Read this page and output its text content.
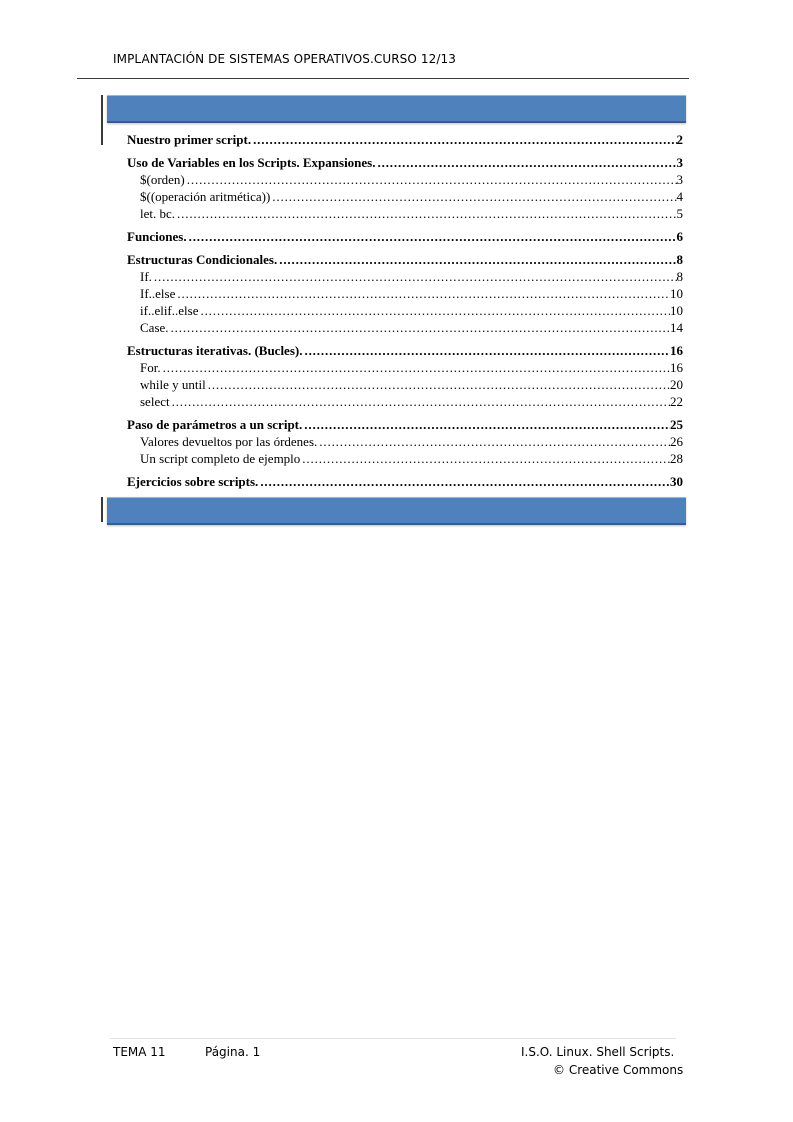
IMPLANTACIÓN DE SISTEMAS OPERATIVOS.CURSO 12/13
Nuestro primer script. . . .	2
Uso de Variables en los Scripts. Expansiones. . . .	3
$(orden) . . .	3
$((operación aritmética)) . . .	4
let. bc. . . .	5
Funciones. . . .	6
Estructuras Condicionales. . . .	8
If. . . .	8
If..else . . .	10
if..elif..else . . .	10
Case. . . .	14
Estructuras iterativas. (Bucles). . . .	16
For. . . .	16
while y until . . .	20
select . . .	22
Paso de parámetros a un script. . . .	25
Valores devueltos por las órdenes. . . .	26
Un script completo de ejemplo . . .	28
Ejercicios sobre scripts. . . .	30
TEMA 11	Página. 1	I.S.O. Linux. Shell Scripts.
© Creative Commons
